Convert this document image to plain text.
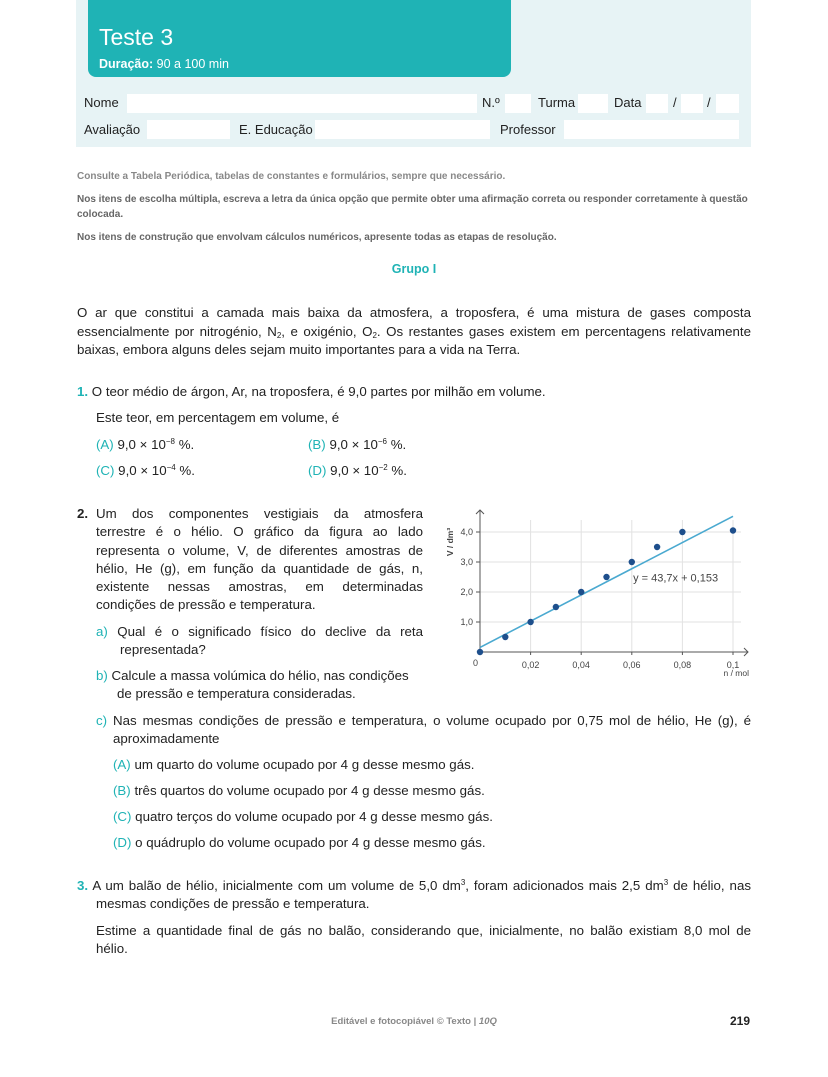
Teste 3
Duração: 90 a 100 min
Nome	N.º	Turma	Data / /
Avaliação	E. Educação	Professor
Consulte a Tabela Periódica, tabelas de constantes e formulários, sempre que necessário.
Nos itens de escolha múltipla, escreva a letra da única opção que permite obter uma afirmação correta ou responder corretamente à questão colocada.
Nos itens de construção que envolvam cálculos numéricos, apresente todas as etapas de resolução.
Grupo I
O ar que constitui a camada mais baixa da atmosfera, a troposfera, é uma mistura de gases composta essencialmente por nitrogénio, $N_2$, e oxigénio, $O_2$. Os restantes gases existem em percentagens relativamente baixas, embora alguns deles sejam muito importantes para a vida na Terra.
1. O teor médio de árgon, Ar, na troposfera, é 9,0 partes por milhão em volume.
Este teor, em percentagem em volume, é
(A) $9,0 \times 10^{-8}$ %.	(B) $9,0 \times 10^{-6}$ %.
(C) $9,0 \times 10^{-4}$ %.	(D) $9,0 \times 10^{-2}$ %.
2. Um dos componentes vestigiais da atmosfera
terrestre é o hélio. O gráfico da figura ao lado
representa o volume, V, de diferentes amostras de
hélio, He (g), em função da quantidade de gás, n,
existente nessas amostras, em determinadas
condições de pressão e temperatura.
a) Qual é o significado físico do declive da reta
representada?
b) Calcule a massa volúmica do hélio, nas condições
de pressão e temperatura consideradas.
1,0
2,0
3,0
4,0
0,02	0,04	0,06	0,08	0,1
y = 43,7x + 0,153
0
n / mol
V / dm³
c) Nas mesmas condições de pressão e temperatura, o volume ocupado por 0,75 mol de hélio, He (g), é
aproximadamente
(A) um quarto do volume ocupado por 4 g desse mesmo gás.
(B) três quartos do volume ocupado por 4 g desse mesmo gás.
(C) quatro terços do volume ocupado por 4 g desse mesmo gás.
(D) o quádruplo do volume ocupado por 4 g desse mesmo gás.
3. A um balão de hélio, inicialmente com um volume de 5,0 $dm^3$, foram adicionados mais 2,5 $dm^3$ de hélio, nas
mesmas condições de pressão e temperatura.
Estime a quantidade final de gás no balão, considerando que, inicialmente, no balão existiam 8,0 mol de
hélio.
Editável e fotocopiável © Texto | 10Q	219
